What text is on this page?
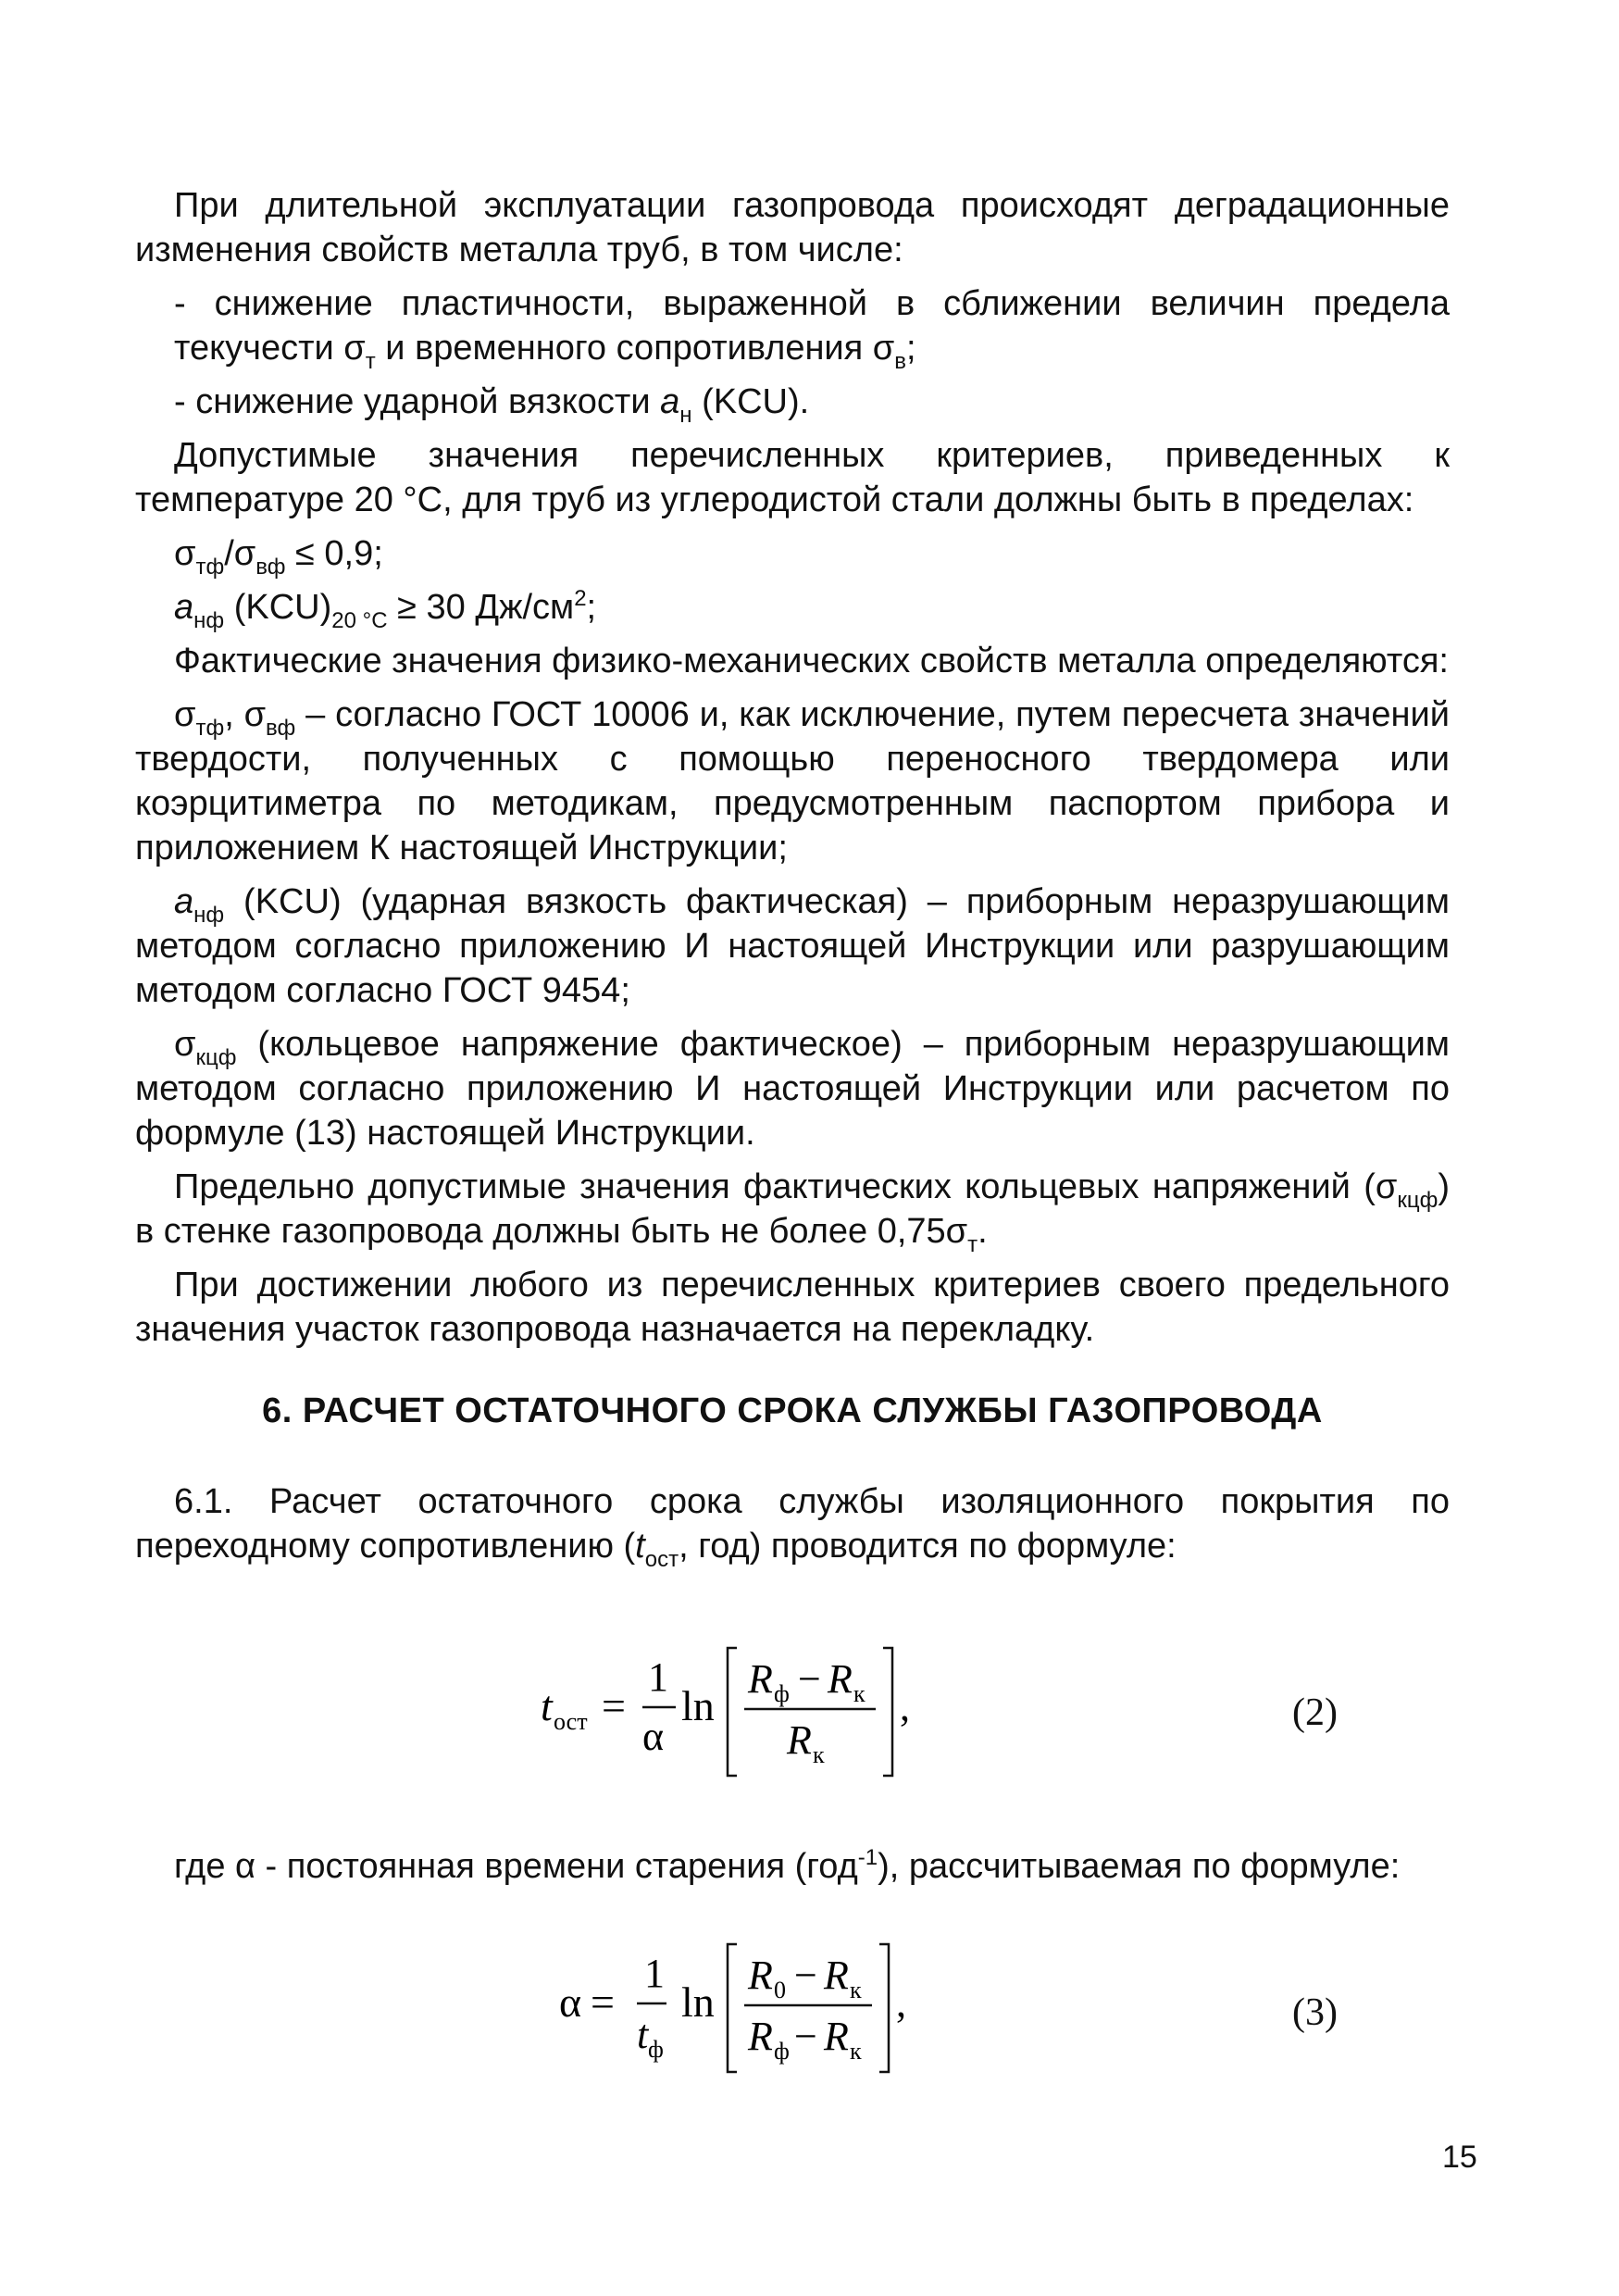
При длительной эксплуатации газопровода происходят деградационные изменения свойств металла труб, в том числе:

- снижение пластичности, выраженной в сближении величин предела текучести $\sigma_т$ и временного сопротивления $\sigma_в$;

- снижение ударной вязкости $а_н$ (KCU).

Допустимые значения перечисленных критериев, приведенных к температуре 20 °С, для труб из углеродистой стали должны быть в пределах:

$\sigma_{тф}/\sigma_{вф} \le 0,9$;

$а_{нф}$ $(KCU)_{20 ^\circ С} \ge 30$ $Дж/см^2$;

Фактические значения физико-механических свойств металла определяются:

$\sigma_{тф}$, $\sigma_{вф}$ – согласно ГОСТ 10006 и, как исключение, путем пересчета значений твердости, полученных с помощью переносного твердомера или коэрцитиметра по методикам, предусмотренным паспортом прибора и приложением К настоящей Инструкции;

$а_{нф}$ (KCU) (ударная вязкость фактическая) – приборным неразрушающим методом согласно приложению И настоящей Инструкции или разрушающим методом согласно ГОСТ 9454;

$\sigma_{кцф}$ (кольцевое напряжение фактическое) – приборным неразрушающим методом согласно приложению И настоящей Инструкции или расчетом по формуле (13) настоящей Инструкции.

Предельно допустимые значения фактических кольцевых напряжений $(\sigma_{кцф})$ в стенке газопровода должны быть не более $0,75\sigma_т$.

При достижении любого из перечисленных критериев своего предельного значения участок газопровода назначается на перекладку.

6. РАСЧЕТ ОСТАТОЧНОГО СРОКА СЛУЖБЫ ГАЗОПРОВОДА

6.1. Расчет остаточного срока службы изоляционного покрытия по переходному сопротивлению ($t_{ост}$, год) проводится по формуле:

t ост =
1
α
ln
R ф − R к
R к
,	(2)
где α - постоянная времени старения (год$^{-1}$), рассчитываемая по формуле:
α =
1
t ф
ln
R 0 − R к
R ф − R к
,	(3)
15
